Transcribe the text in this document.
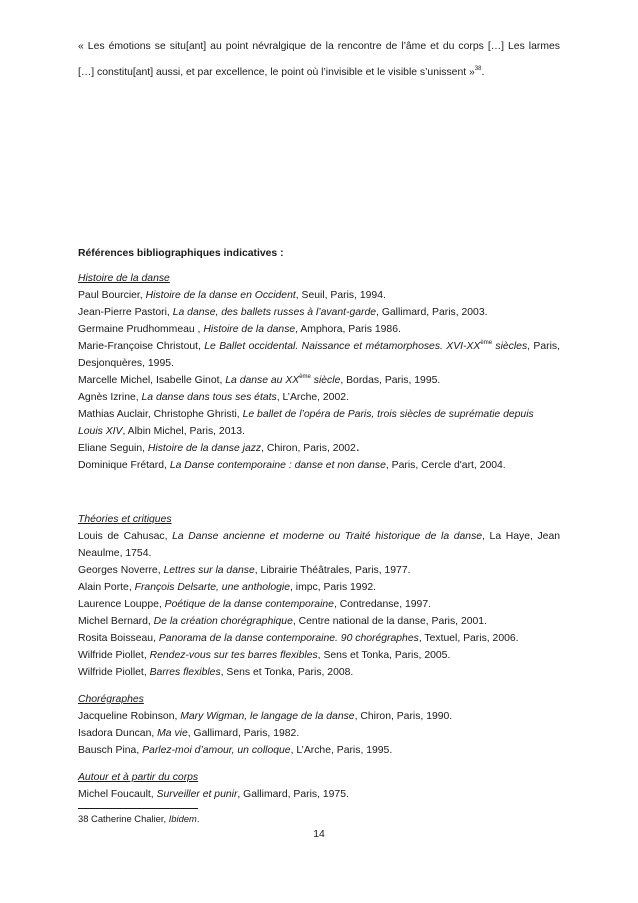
« Les émotions se situ[ant] au point névralgique de la rencontre de l’âme et du corps […] Les larmes
[…] constitu[ant] aussi, et par excellence, le point où l’invisible et le visible s’unissent »$^{38}$.
Références bibliographiques indicatives :
Histoire de la danse
Paul Bourcier, Histoire de la danse en Occident, Seuil, Paris, 1994.
Jean-Pierre Pastori, La danse, des ballets russes à l’avant-garde, Gallimard, Paris, 2003.
Germaine Prudhommeau , Histoire de la danse, Amphora, Paris 1986.
Marie-Françoise Christout, Le Ballet occidental. Naissance et métamorphoses. XVI-XXème siècles, Paris,
Desjonquères, 1995.
Marcelle Michel, Isabelle Ginot, La danse au XXème siècle, Bordas, Paris, 1995.
Agnès Izrine, La danse dans tous ses états, L’Arche, 2002.
Mathias Auclair, Christophe Ghristi, Le ballet de l’opéra de Paris, trois siècles de suprématie depuis
Louis XIV, Albin Michel, Paris, 2013.
Eliane Seguin, Histoire de la danse jazz, Chiron, Paris, 2002.
Dominique Frétard, La Danse contemporaine : danse et non danse, Paris, Cercle d'art, 2004.
Théories et critiques
Louis de Cahusac, La Danse ancienne et moderne ou Traité historique de la danse, La Haye, Jean
Neaulme, 1754.
Georges Noverre, Lettres sur la danse, Librairie Théâtrales, Paris, 1977.
Alain Porte, François Delsarte, une anthologie, impc, Paris 1992.
Laurence Louppe, Poétique de la danse contemporaine, Contredanse, 1997.
Michel Bernard, De la création chorégraphique, Centre national de la danse, Paris, 2001.
Rosita Boisseau, Panorama de la danse contemporaine. 90 chorégraphes, Textuel, Paris, 2006.
Wilfride Piollet, Rendez-vous sur tes barres flexibles, Sens et Tonka, Paris, 2005.
Wilfride Piollet, Barres flexibles, Sens et Tonka, Paris, 2008.
Chorégraphes
Jacqueline Robinson, Mary Wigman, le langage de la danse, Chiron, Paris, 1990.
Isadora Duncan, Ma vie, Gallimard, Paris, 1982.
Bausch Pina, Parlez-moi d’amour, un colloque, L’Arche, Paris, 1995.
Autour et à partir du corps
Michel Foucault, Surveiller et punir, Gallimard, Paris, 1975.
38 Catherine Chalier, Ibidem.
14
